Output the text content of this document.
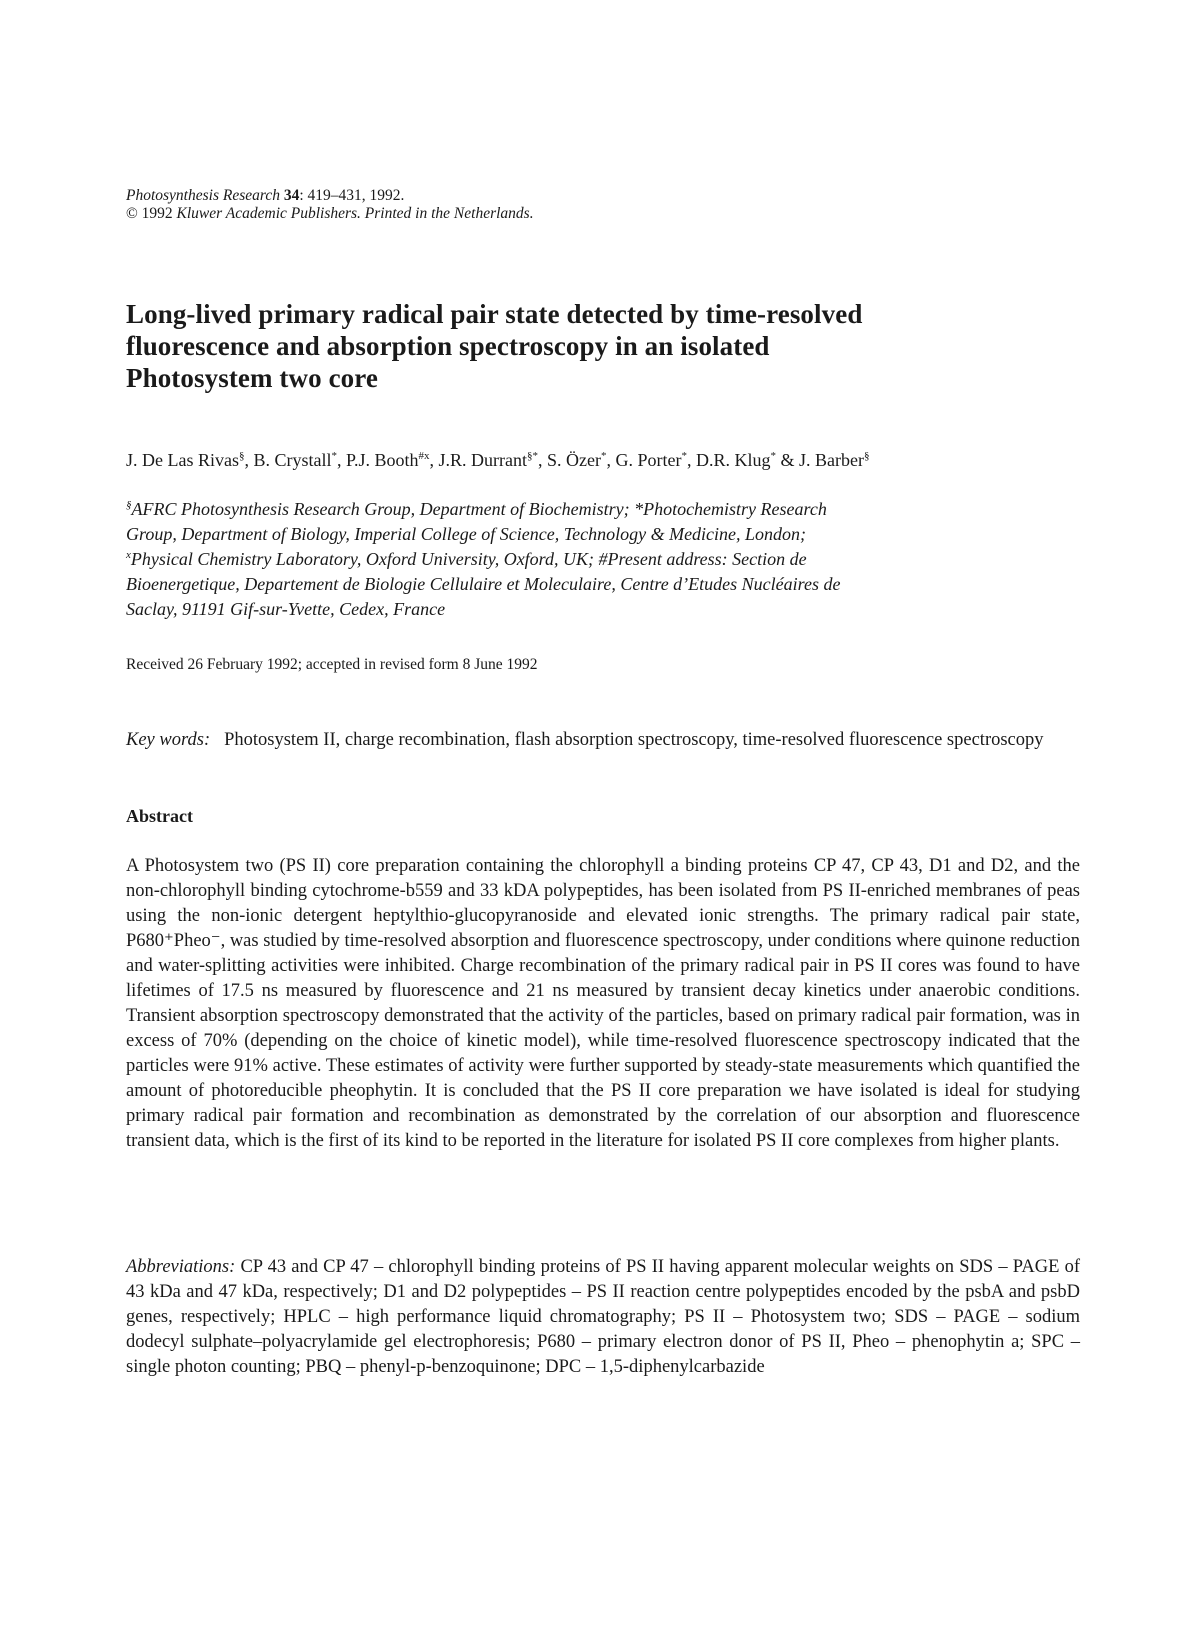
Photosynthesis Research 34: 419–431, 1992.
© 1992 Kluwer Academic Publishers. Printed in the Netherlands.
Long-lived primary radical pair state detected by time-resolved
fluorescence and absorption spectroscopy in an isolated
Photosystem two core
J. De Las Rivas§, B. Crystall*, P.J. Booth$^{\#x}$, J.R. Durrant§*, S. Özer*, G. Porter*, D.R. Klug* & J. Barber§
§AFRC Photosynthesis Research Group, Department of Biochemistry; *Photochemistry Research
Group, Department of Biology, Imperial College of Science, Technology & Medicine, London;
$^x$Physical Chemistry Laboratory, Oxford University, Oxford, UK; #Present address: Section de
Bioenergetique, Departement de Biologie Cellulaire et Moleculaire, Centre d’Etudes Nucléaires de
Saclay, 91191 Gif-sur-Yvette, Cedex, France
Received 26 February 1992; accepted in revised form 8 June 1992
Key words: Photosystem II, charge recombination, flash absorption spectroscopy, time-resolved fluorescence spectroscopy
Abstract
A Photosystem two (PS II) core preparation containing the chlorophyll a binding proteins CP 47, CP 43, D1 and D2, and the non-chlorophyll binding cytochrome-b559 and 33 kDA polypeptides, has been isolated from PS II-enriched membranes of peas using the non-ionic detergent heptylthio-glucopyranoside and elevated ionic strengths. The primary radical pair state, P680⁺Pheo⁻, was studied by time-resolved absorption and fluorescence spectroscopy, under conditions where quinone reduction and water-splitting activities were inhibited. Charge recombination of the primary radical pair in PS II cores was found to have lifetimes of 17.5 ns measured by fluorescence and 21 ns measured by transient decay kinetics under anaerobic conditions. Transient absorption spectroscopy demonstrated that the activity of the particles, based on primary radical pair formation, was in excess of 70% (depending on the choice of kinetic model), while time-resolved fluorescence spectroscopy indicated that the particles were 91% active. These estimates of activity were further supported by steady-state measurements which quantified the amount of photoreducible pheophytin. It is concluded that the PS II core preparation we have isolated is ideal for studying primary radical pair formation and recombination as demonstrated by the correlation of our absorption and fluorescence transient data, which is the first of its kind to be reported in the literature for isolated PS II core complexes from higher plants.
Abbreviations: CP 43 and CP 47 – chlorophyll binding proteins of PS II having apparent molecular weights on SDS – PAGE of 43 kDa and 47 kDa, respectively; D1 and D2 polypeptides – PS II reaction centre polypeptides encoded by the psbA and psbD genes, respectively; HPLC – high performance liquid chromatography; PS II – Photosystem two; SDS – PAGE – sodium dodecyl sulphate–polyacrylamide gel electrophoresis; P680 – primary electron donor of PS II, Pheo – phenophytin a; SPC – single photon counting; PBQ – phenyl-p-benzoquinone; DPC – 1,5-diphenylcarbazide
